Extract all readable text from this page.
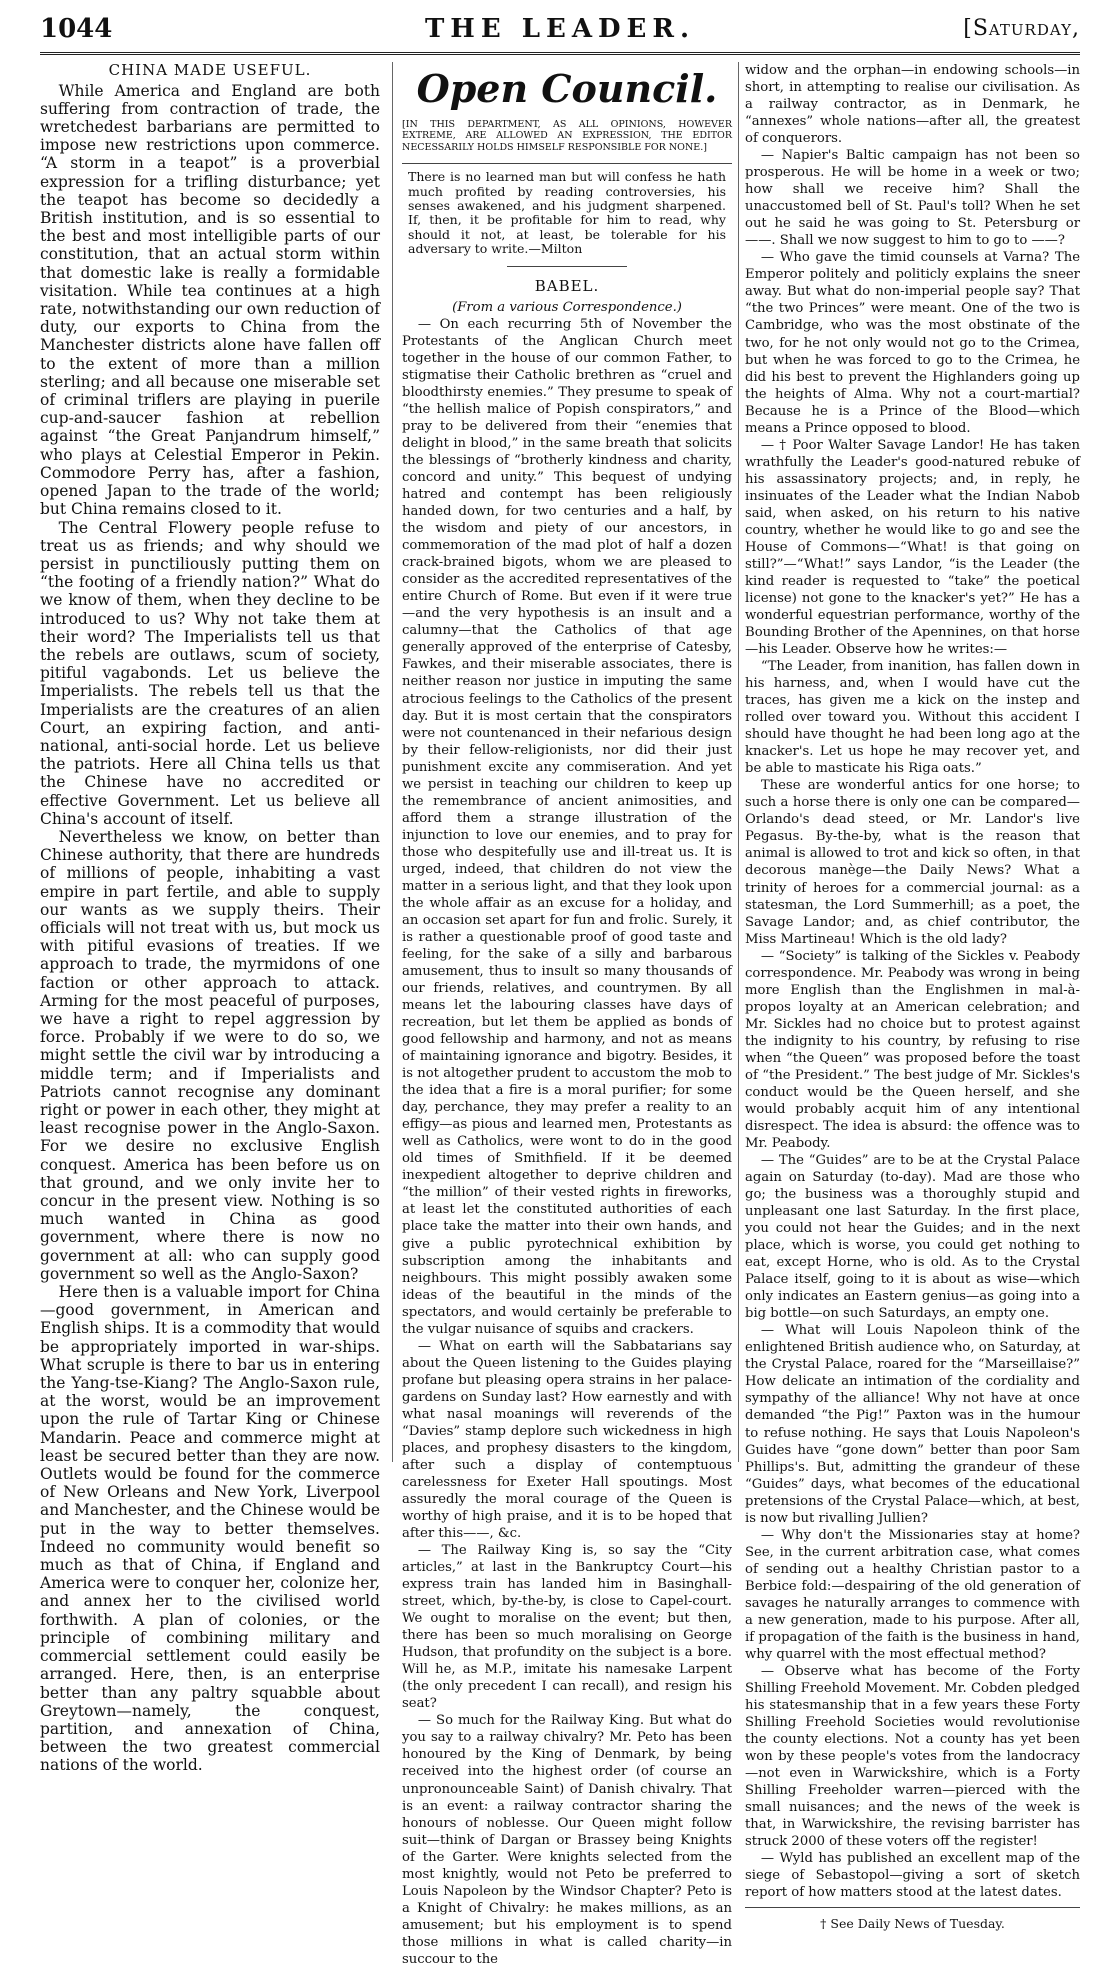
THE LEADER.
1044	[Saturday,
CHINA MADE USEFUL.

While America and England are both suffering from contraction of trade, the wretchedest barbarians are permitted to impose new restrictions upon commerce. “A storm in a teapot” is a proverbial expression for a trifling disturbance; yet the teapot has become so decidedly a British institution, and is so essential to the best and most intelligible parts of our constitution, that an actual storm within that domestic lake is really a formidable visitation. While tea continues at a high rate, notwithstanding our own reduction of duty, our exports to China from the Manchester districts alone have fallen off to the extent of more than a million sterling; and all because one miserable set of criminal triflers are playing in puerile cup-and-saucer fashion at rebellion against “the Great Panjandrum himself,” who plays at Celestial Emperor in Pekin. Commodore Perry has, after a fashion, opened Japan to the trade of the world; but China remains closed to it.

The Central Flowery people refuse to treat us as friends; and why should we persist in punctiliously putting them on “the footing of a friendly nation?” What do we know of them, when they decline to be introduced to us? Why not take them at their word? The Imperialists tell us that the rebels are outlaws, scum of society, pitiful vagabonds. Let us believe the Imperialists. The rebels tell us that the Imperialists are the creatures of an alien Court, an expiring faction, and anti-national, anti-social horde. Let us believe the patriots. Here all China tells us that the Chinese have no accredited or effective Government. Let us believe all China's account of itself.

Nevertheless we know, on better than Chinese authority, that there are hundreds of millions of people, inhabiting a vast empire in part fertile, and able to supply our wants as we supply theirs. Their officials will not treat with us, but mock us with pitiful evasions of treaties. If we approach to trade, the myrmidons of one faction or other approach to attack. Arming for the most peaceful of purposes, we have a right to repel aggression by force. Probably if we were to do so, we might settle the civil war by introducing a middle term; and if Imperialists and Patriots cannot recognise any dominant right or power in each other, they might at least recognise power in the Anglo-Saxon. For we desire no exclusive English conquest. America has been before us on that ground, and we only invite her to concur in the present view. Nothing is so much wanted in China as good government, where there is now no government at all: who can supply good government so well as the Anglo-Saxon?

Here then is a valuable import for China—good government, in American and English ships. It is a commodity that would be appropriately imported in war-ships. What scruple is there to bar us in entering the Yang-tse-Kiang? The Anglo-Saxon rule, at the worst, would be an improvement upon the rule of Tartar King or Chinese Mandarin. Peace and commerce might at least be secured better than they are now. Outlets would be found for the commerce of New Orleans and New York, Liverpool and Manchester, and the Chinese would be put in the way to better themselves. Indeed no community would benefit so much as that of China, if England and America were to conquer her, colonize her, and annex her to the civilised world forthwith. A plan of colonies, or the principle of combining military and commercial settlement could easily be arranged. Here, then, is an enterprise better than any paltry squabble about Greytown—namely, the conquest, partition, and annexation of China, between the two greatest commercial nations of the world.

Open Council.

[IN THIS DEPARTMENT, AS ALL OPINIONS, HOWEVER EXTREME, ARE ALLOWED AN EXPRESSION, THE EDITOR NECESSARILY HOLDS HIMSELF RESPONSIBLE FOR NONE.]

There is no learned man but will confess he hath much profited by reading controversies, his senses awakened, and his judgment sharpened. If, then, it be profitable for him to read, why should it not, at least, be tolerable for his adversary to write.—Milton

BABEL.

(From a various Correspondence.)

— On each recurring 5th of November the Protestants of the Anglican Church meet together in the house of our common Father, to stigmatise their Catholic brethren as “cruel and bloodthirsty enemies.” They presume to speak of “the hellish malice of Popish conspirators,” and pray to be delivered from their “enemies that delight in blood,” in the same breath that solicits the blessings of “brotherly kindness and charity, concord and unity.” This bequest of undying hatred and contempt has been religiously handed down, for two centuries and a half, by the wisdom and piety of our ancestors, in commemoration of the mad plot of half a dozen crack-brained bigots, whom we are pleased to consider as the accredited representatives of the entire Church of Rome. But even if it were true—and the very hypothesis is an insult and a calumny—that the Catholics of that age generally approved of the enterprise of Catesby, Fawkes, and their miserable associates, there is neither reason nor justice in imputing the same atrocious feelings to the Catholics of the present day. But it is most certain that the conspirators were not countenanced in their nefarious design by their fellow-religionists, nor did their just punishment excite any commiseration. And yet we persist in teaching our children to keep up the remembrance of ancient animosities, and afford them a strange illustration of the injunction to love our enemies, and to pray for those who despitefully use and ill-treat us. It is urged, indeed, that children do not view the matter in a serious light, and that they look upon the whole affair as an excuse for a holiday, and an occasion set apart for fun and frolic. Surely, it is rather a questionable proof of good taste and feeling, for the sake of a silly and barbarous amusement, thus to insult so many thousands of our friends, relatives, and countrymen. By all means let the labouring classes have days of recreation, but let them be applied as bonds of good fellowship and harmony, and not as means of maintaining ignorance and bigotry. Besides, it is not altogether prudent to accustom the mob to the idea that a fire is a moral purifier; for some day, perchance, they may prefer a reality to an effigy—as pious and learned men, Protestants as well as Catholics, were wont to do in the good old times of Smithfield. If it be deemed inexpedient altogether to deprive children and “the million” of their vested rights in fireworks, at least let the constituted authorities of each place take the matter into their own hands, and give a public pyrotechnical exhibition by subscription among the inhabitants and neighbours. This might possibly awaken some ideas of the beautiful in the minds of the spectators, and would certainly be preferable to the vulgar nuisance of squibs and crackers.

— What on earth will the Sabbatarians say about the Queen listening to the Guides playing profane but pleasing opera strains in her palace-gardens on Sunday last? How earnestly and with what nasal moanings will reverends of the “Davies” stamp deplore such wickedness in high places, and prophesy disasters to the kingdom, after such a display of contemptuous carelessness for Exeter Hall spoutings. Most assuredly the moral courage of the Queen is worthy of high praise, and it is to be hoped that after this——, &c.

— The Railway King is, so say the “City articles,” at last in the Bankruptcy Court—his express train has landed him in Basinghall-street, which, by-the-by, is close to Capel-court. We ought to moralise on the event; but then, there has been so much moralising on George Hudson, that profundity on the subject is a bore. Will he, as M.P., imitate his namesake Larpent (the only precedent I can recall), and resign his seat?

— So much for the Railway King. But what do you say to a railway chivalry? Mr. Peto has been honoured by the King of Denmark, by being received into the highest order (of course an unpronounceable Saint) of Danish chivalry. That is an event: a railway contractor sharing the honours of noblesse. Our Queen might follow suit—think of Dargan or Brassey being Knights of the Garter. Were knights selected from the most knightly, would not Peto be preferred to Louis Napoleon by the Windsor Chapter? Peto is a Knight of Chivalry: he makes millions, as an amusement; but his employment is to spend those millions in what is called charity—in succour to the

widow and the orphan—in endowing schools—in short, in attempting to realise our civilisation. As a railway contractor, as in Denmark, he “annexes” whole nations—after all, the greatest of conquerors.

— Napier's Baltic campaign has not been so prosperous. He will be home in a week or two; how shall we receive him? Shall the unaccustomed bell of St. Paul's toll? When he set out he said he was going to St. Petersburg or ——. Shall we now suggest to him to go to ——?

— Who gave the timid counsels at Varna? The Emperor politely and politicly explains the sneer away. But what do non-imperial people say? That “the two Princes” were meant. One of the two is Cambridge, who was the most obstinate of the two, for he not only would not go to the Crimea, but when he was forced to go to the Crimea, he did his best to prevent the Highlanders going up the heights of Alma. Why not a court-martial? Because he is a Prince of the Blood—which means a Prince opposed to blood.

— † Poor Walter Savage Landor! He has taken wrathfully the Leader's good-natured rebuke of his assassinatory projects; and, in reply, he insinuates of the Leader what the Indian Nabob said, when asked, on his return to his native country, whether he would like to go and see the House of Commons—“What! is that going on still?”—“What!” says Landor, “is the Leader (the kind reader is requested to “take” the poetical license) not gone to the knacker's yet?” He has a wonderful equestrian performance, worthy of the Bounding Brother of the Apennines, on that horse—his Leader. Observe how he writes:—

“The Leader, from inanition, has fallen down in his harness, and, when I would have cut the traces, has given me a kick on the instep and rolled over toward you. Without this accident I should have thought he had been long ago at the knacker's. Let us hope he may recover yet, and be able to masticate his Riga oats.”

These are wonderful antics for one horse; to such a horse there is only one can be compared—Orlando's dead steed, or Mr. Landor's live Pegasus. By-the-by, what is the reason that animal is allowed to trot and kick so often, in that decorous manège—the Daily News? What a trinity of heroes for a commercial journal: as a statesman, the Lord Summerhill; as a poet, the Savage Landor; and, as chief contributor, the Miss Martineau! Which is the old lady?

— “Society” is talking of the Sickles v. Peabody correspondence. Mr. Peabody was wrong in being more English than the Englishmen in mal-à-propos loyalty at an American celebration; and Mr. Sickles had no choice but to protest against the indignity to his country, by refusing to rise when “the Queen” was proposed before the toast of “the President.” The best judge of Mr. Sickles's conduct would be the Queen herself, and she would probably acquit him of any intentional disrespect. The idea is absurd: the offence was to Mr. Peabody.

— The “Guides” are to be at the Crystal Palace again on Saturday (to-day). Mad are those who go; the business was a thoroughly stupid and unpleasant one last Saturday. In the first place, you could not hear the Guides; and in the next place, which is worse, you could get nothing to eat, except Horne, who is old. As to the Crystal Palace itself, going to it is about as wise—which only indicates an Eastern genius—as going into a big bottle—on such Saturdays, an empty one.

— What will Louis Napoleon think of the enlightened British audience who, on Saturday, at the Crystal Palace, roared for the “Marseillaise?” How delicate an intimation of the cordiality and sympathy of the alliance! Why not have at once demanded “the Pig!” Paxton was in the humour to refuse nothing. He says that Louis Napoleon's Guides have “gone down” better than poor Sam Phillips's. But, admitting the grandeur of these “Guides” days, what becomes of the educational pretensions of the Crystal Palace—which, at best, is now but rivalling Jullien?

— Why don't the Missionaries stay at home? See, in the current arbitration case, what comes of sending out a healthy Christian pastor to a Berbice fold:—despairing of the old generation of savages he naturally arranges to commence with a new generation, made to his purpose. After all, if propagation of the faith is the business in hand, why quarrel with the most effectual method?

— Observe what has become of the Forty Shilling Freehold Movement. Mr. Cobden pledged his statesmanship that in a few years these Forty Shilling Freehold Societies would revolutionise the county elections. Not a county has yet been won by these people's votes from the landocracy—not even in Warwickshire, which is a Forty Shilling Freeholder warren—pierced with the small nuisances; and the news of the week is that, in Warwickshire, the revising barrister has struck 2000 of these voters off the register!

— Wyld has published an excellent map of the siege of Sebastopol—giving a sort of sketch report of how matters stood at the latest dates.

† See Daily News of Tuesday.
